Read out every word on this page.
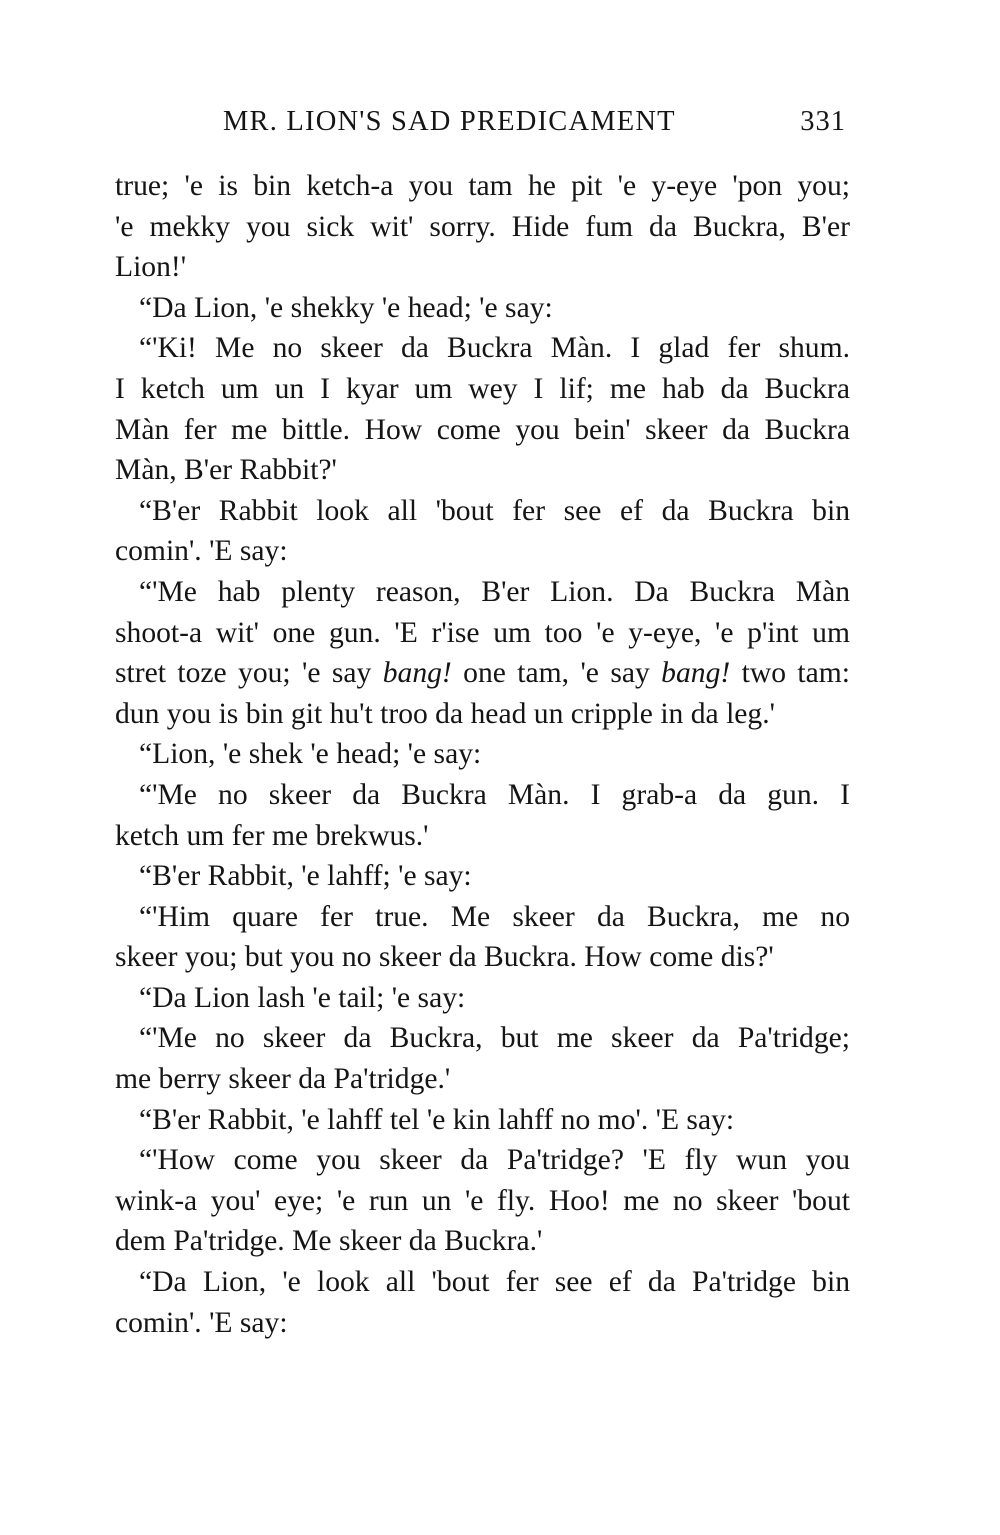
MR. LION'S SAD PREDICAMENT	331

true; 'e is bin ketch-a you tam he pit 'e y-eye 'pon you;
'e mekky you sick wit' sorry. Hide fum da Buckra, B'er
Lion!'

“Da Lion, 'e shekky 'e head; 'e say:

“'Ki! Me no skeer da Buckra Màn. I glad fer shum.
I ketch um un I kyar um wey I lif; me hab da Buckra
Màn fer me bittle. How come you bein' skeer da Buckra
Màn, B'er Rabbit?'

“B'er Rabbit look all 'bout fer see ef da Buckra bin
comin'. 'E say:

“'Me hab plenty reason, B'er Lion. Da Buckra Màn
shoot-a wit' one gun. 'E r'ise um too 'e y-eye, 'e p'int um
stret toze you; 'e say bang! one tam, 'e say bang! two tam:
dun you is bin git hu't troo da head un cripple in da leg.'

“Lion, 'e shek 'e head; 'e say:

“'Me no skeer da Buckra Màn. I grab-a da gun. I
ketch um fer me brekwus.'

“B'er Rabbit, 'e lahff; 'e say:

“'Him quare fer true. Me skeer da Buckra, me no
skeer you; but you no skeer da Buckra. How come dis?'

“Da Lion lash 'e tail; 'e say:

“'Me no skeer da Buckra, but me skeer da Pa'tridge;
me berry skeer da Pa'tridge.'

“B'er Rabbit, 'e lahff tel 'e kin lahff no mo'. 'E say:

“'How come you skeer da Pa'tridge? 'E fly wun you
wink-a you' eye; 'e run un 'e fly. Hoo! me no skeer 'bout
dem Pa'tridge. Me skeer da Buckra.'

“Da Lion, 'e look all 'bout fer see ef da Pa'tridge bin
comin'. 'E say:
